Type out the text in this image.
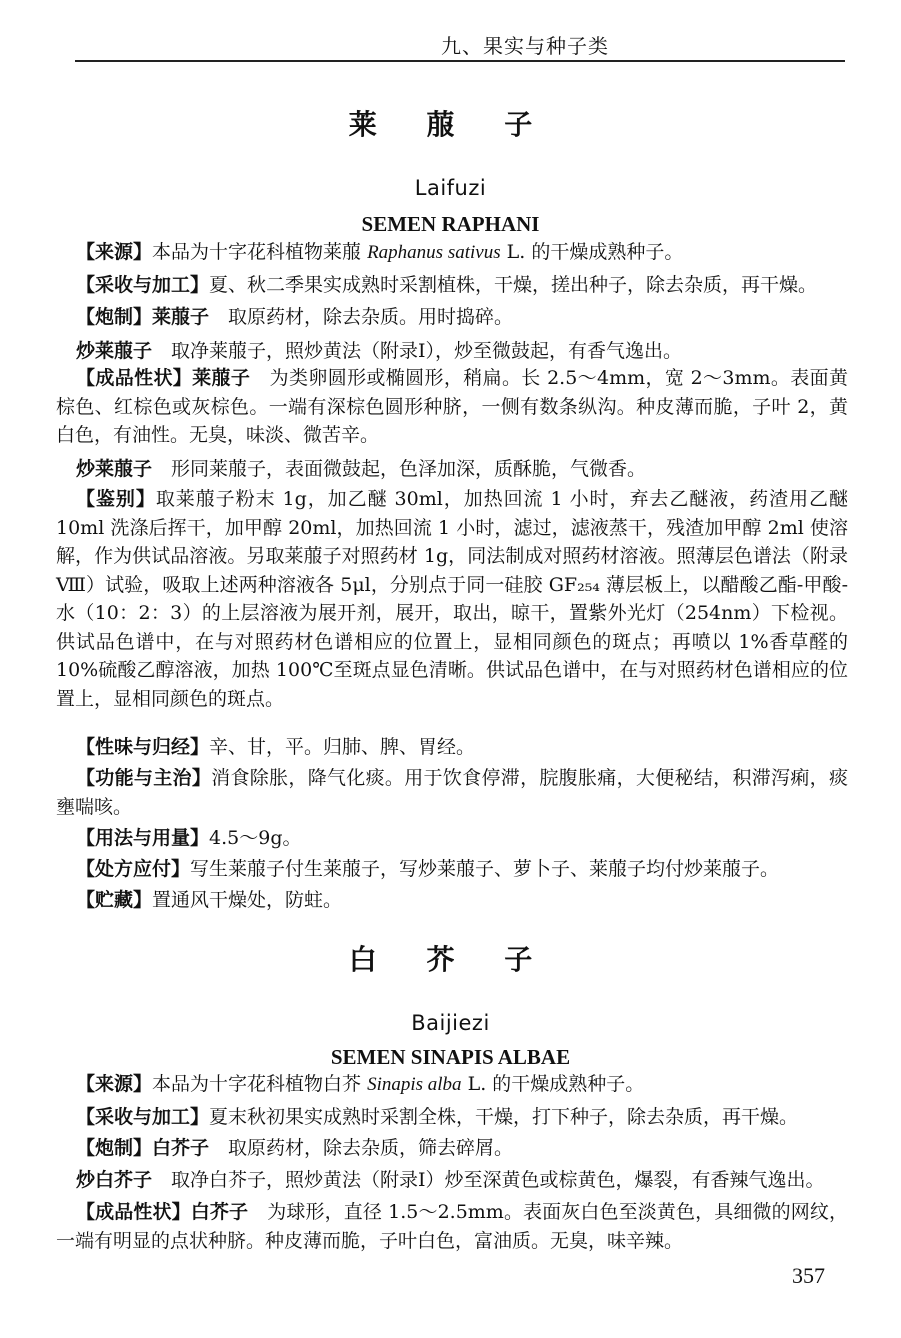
九、果实与种子类
莱 菔 子
Laifuzi
SEMEN RAPHANI

【来源】本品为十字花科植物莱菔 Raphanus sativus L. 的干燥成熟种子。

【采收与加工】夏、秋二季果实成熟时采割植株，干燥，搓出种子，除去杂质，再干燥。

【炮制】莱菔子　取原药材，除去杂质。用时捣碎。

炒莱菔子　取净莱菔子，照炒黄法（附录Ⅰ），炒至微鼓起，有香气逸出。

【成品性状】莱菔子　为类卵圆形或椭圆形，稍扁。长 2.5～4mm，宽 2～3mm。表面黄棕色、红棕色或灰棕色。一端有深棕色圆形种脐，一侧有数条纵沟。种皮薄而脆，子叶 2，黄白色，有油性。无臭，味淡、微苦辛。

炒莱菔子　形同莱菔子，表面微鼓起，色泽加深，质酥脆，气微香。

【鉴别】取莱菔子粉末 1g，加乙醚 30ml，加热回流 1 小时，弃去乙醚液，药渣用乙醚 10ml 洗涤后挥干，加甲醇 20ml，加热回流 1 小时，滤过，滤液蒸干，残渣加甲醇 2ml 使溶解，作为供试品溶液。另取莱菔子对照药材 1g，同法制成对照药材溶液。照薄层色谱法（附录Ⅷ）试验，吸取上述两种溶液各 5μl，分别点于同一硅胶 GF₂₅₄ 薄层板上，以醋酸乙酯-甲酸-水（10：2：3）的上层溶液为展开剂，展开，取出，晾干，置紫外光灯（254nm）下检视。供试品色谱中，在与对照药材色谱相应的位置上，显相同颜色的斑点；再喷以 1%香草醛的 10%硫酸乙醇溶液，加热 100℃至斑点显色清晰。供试品色谱中，在与对照药材色谱相应的位置上，显相同颜色的斑点。

【性味与归经】辛、甘，平。归肺、脾、胃经。

【功能与主治】消食除胀，降气化痰。用于饮食停滞，脘腹胀痛，大便秘结，积滞泻痢，痰壅喘咳。

【用法与用量】4.5～9g。

【处方应付】写生莱菔子付生莱菔子，写炒莱菔子、萝卜子、莱菔子均付炒莱菔子。

【贮藏】置通风干燥处，防蛀。

白 芥 子
Baijiezi
SEMEN SINAPIS ALBAE

【来源】本品为十字花科植物白芥 Sinapis alba L. 的干燥成熟种子。

【采收与加工】夏末秋初果实成熟时采割全株，干燥，打下种子，除去杂质，再干燥。

【炮制】白芥子　取原药材，除去杂质，筛去碎屑。

炒白芥子　取净白芥子，照炒黄法（附录Ⅰ）炒至深黄色或棕黄色，爆裂，有香辣气逸出。

【成品性状】白芥子　为球形，直径 1.5～2.5mm。表面灰白色至淡黄色，具细微的网纹，一端有明显的点状种脐。种皮薄而脆，子叶白色，富油质。无臭，味辛辣。

357
